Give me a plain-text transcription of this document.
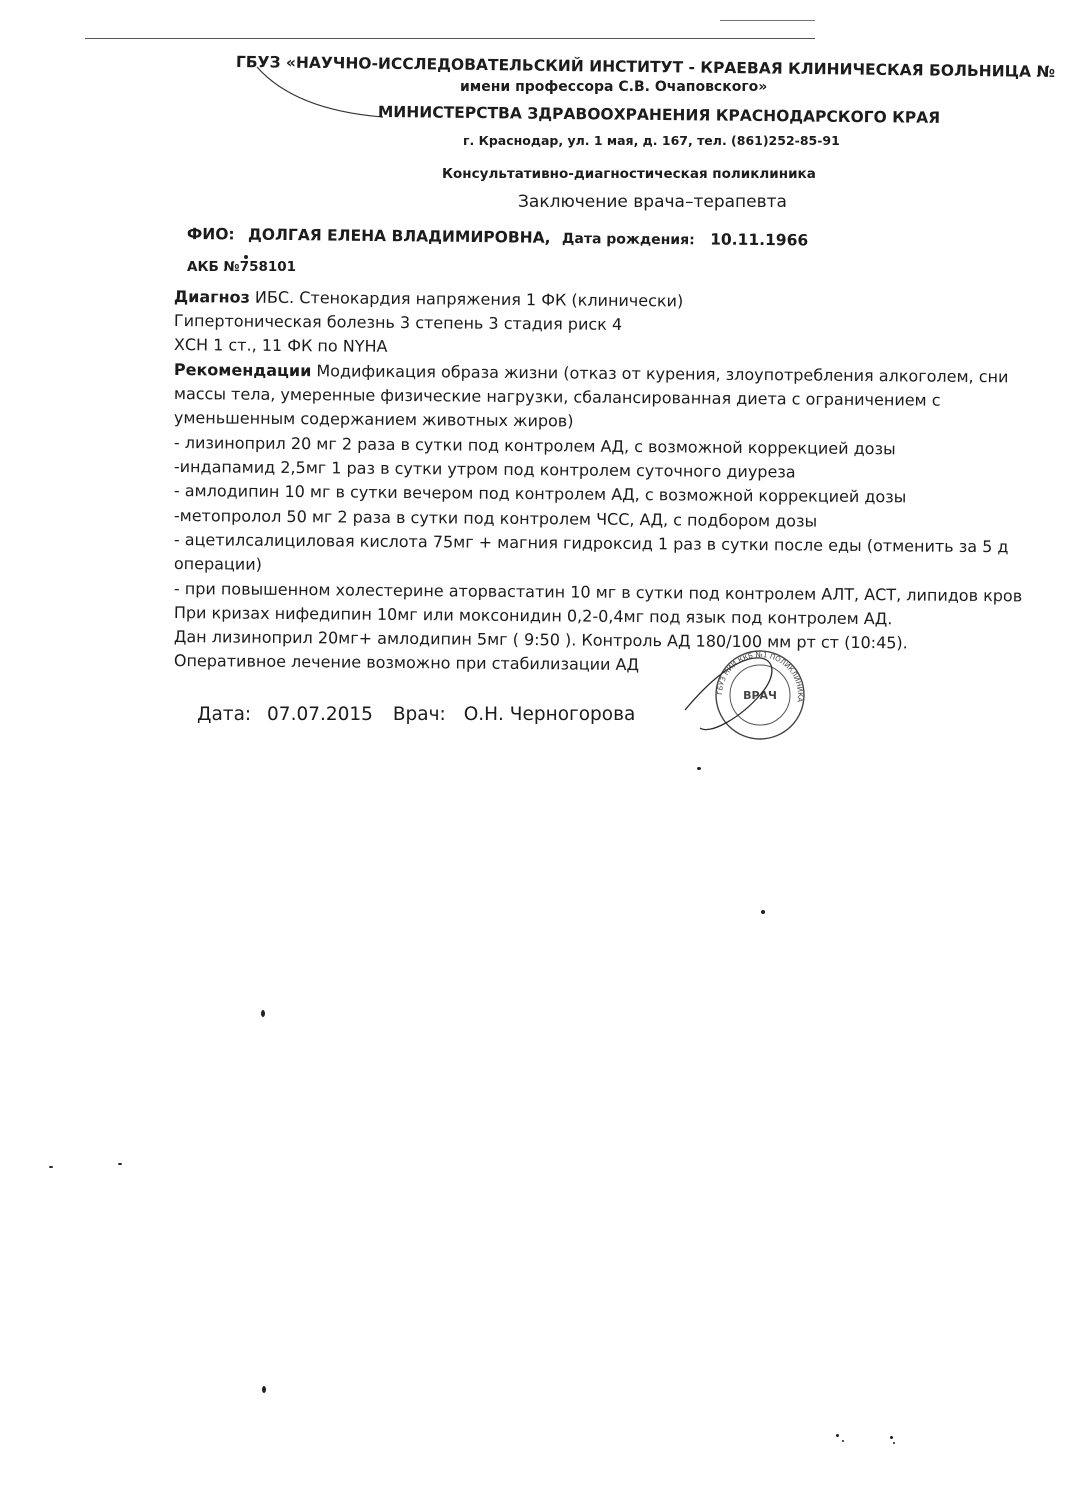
ГБУЗ «НАУЧНО-ИССЛЕДОВАТЕЛЬСКИЙ ИНСТИТУТ - КРАЕВАЯ КЛИНИЧЕСКАЯ БОЛЬНИЦА №
имени профессора С.В. Очаповского»
МИНИСТЕРСТВА ЗДРАВООХРАНЕНИЯ КРАСНОДАРСКОГО КРАЯ
г. Краснодар, ул. 1 мая, д. 167, тел. (861)252-85-91
Консультативно-диагностическая поликлиника
Заключение врача–терапевта
ФИО: ДОЛГАЯ ЕЛЕНА ВЛАДИМИРОВНА, Дата рождения: 10.11.1966
АКБ №758101
Диагноз ИБС. Стенокардия напряжения 1 ФК (клинически)
Гипертоническая болезнь 3 степень 3 стадия риск 4
ХСН 1 ст., 11 ФК по NYHA
Рекомендации Модификация образа жизни (отказ от курения, злоупотребления алкоголем, сни
массы тела, умеренные физические нагрузки, сбалансированная диета с ограничением с
уменьшенным содержанием животных жиров)
- лизиноприл 20 мг 2 раза в сутки под контролем АД, с возможной коррекцией дозы
-индапамид 2,5мг 1 раз в сутки утром под контролем суточного диуреза
- амлодипин 10 мг в сутки вечером под контролем АД, с возможной коррекцией дозы
-метопролол 50 мг 2 раза в сутки под контролем ЧСС, АД, с подбором дозы
- ацетилсалициловая кислота 75мг + магния гидроксид 1 раз в сутки после еды (отменить за 5 д
операции)
- при повышенном холестерине аторвастатин 10 мг в сутки под контролем АЛТ, АСТ, липидов кров
При кризах нифедипин 10мг или моксонидин 0,2-0,4мг под язык под контролем АД.
Дан лизиноприл 20мг+ амлодипин 5мг ( 9:50 ). Контроль АД 180/100 мм рт ст (10:45).
Оперативное лечение возможно при стабилизации АД
Дата: 07.07.2015 Врач: О.Н. Черногорова
ГБУЗ НИИ ККБ №1 ПОЛИКЛИНИКА
ВРАЧ
